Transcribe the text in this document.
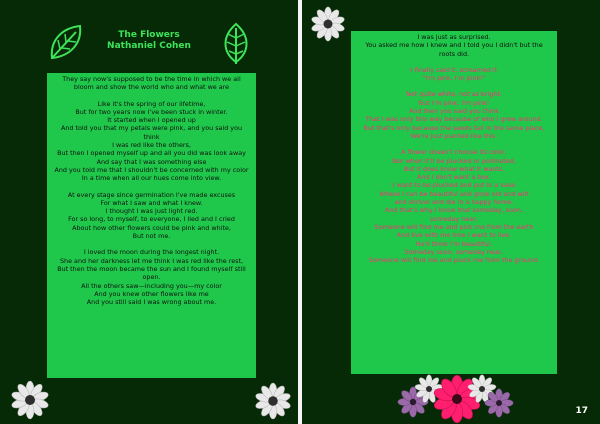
The Flowers
Nathaniel Cohen
They say now's supposed to be the time in which we all bloom and show the world who and what we are
Like it's the spring of our lifetime,
But for two years now I've been stuck in winter.
It started when I opened up
And told you that my petals were pink, and you said you think
I was red like the others,
But then I opened myself up and all you did was look away
And say that I was something else
And you told me that I shouldn't be concerned with my color
In a time when all our hues come into view.
At every stage since germination I've made excuses
For what I saw and what I knew.
I thought I was just light red.
For so long, to myself, to everyone, I lied and I cried
About how other flowers could be pink and white,
But not me.
I loved the moon during the longest night.
She and her darkness let me think I was red like the rest,
But then the moon became the sun and I found myself still open.
All the others saw—including you—my color
And you knew other flowers like me
And you still said I was wrong about me.
I was just as surprised.
You asked me how I knew and I told you I didn't but the roots did.
I finally said it, screamed it
"I'm pink, I'm pink!"
Not quite white, not as bright,
But I'm pink, I'm pink!
And then you said you think
That I was only this way because of who I grew around.
But that's only because the seeds fall in the same place,
We're just planted like this.
A flower doesn't choose its color,
Nor when it'll be plucked or pollinated,
But it does know what it wants.
And I don't want a box.
I want to be plucked and put in a vase
Where I can be beautiful and grow old and wilt
and shrivel and die in a happy home.
And that's why I know that someday, soon,
someday near,
Someone will find me and pick me from the earth
And live with me how I want to live.
He'll think I'm beautiful.
Someday soon, someday near,
Someone will find me and pluck me from the ground.
17
